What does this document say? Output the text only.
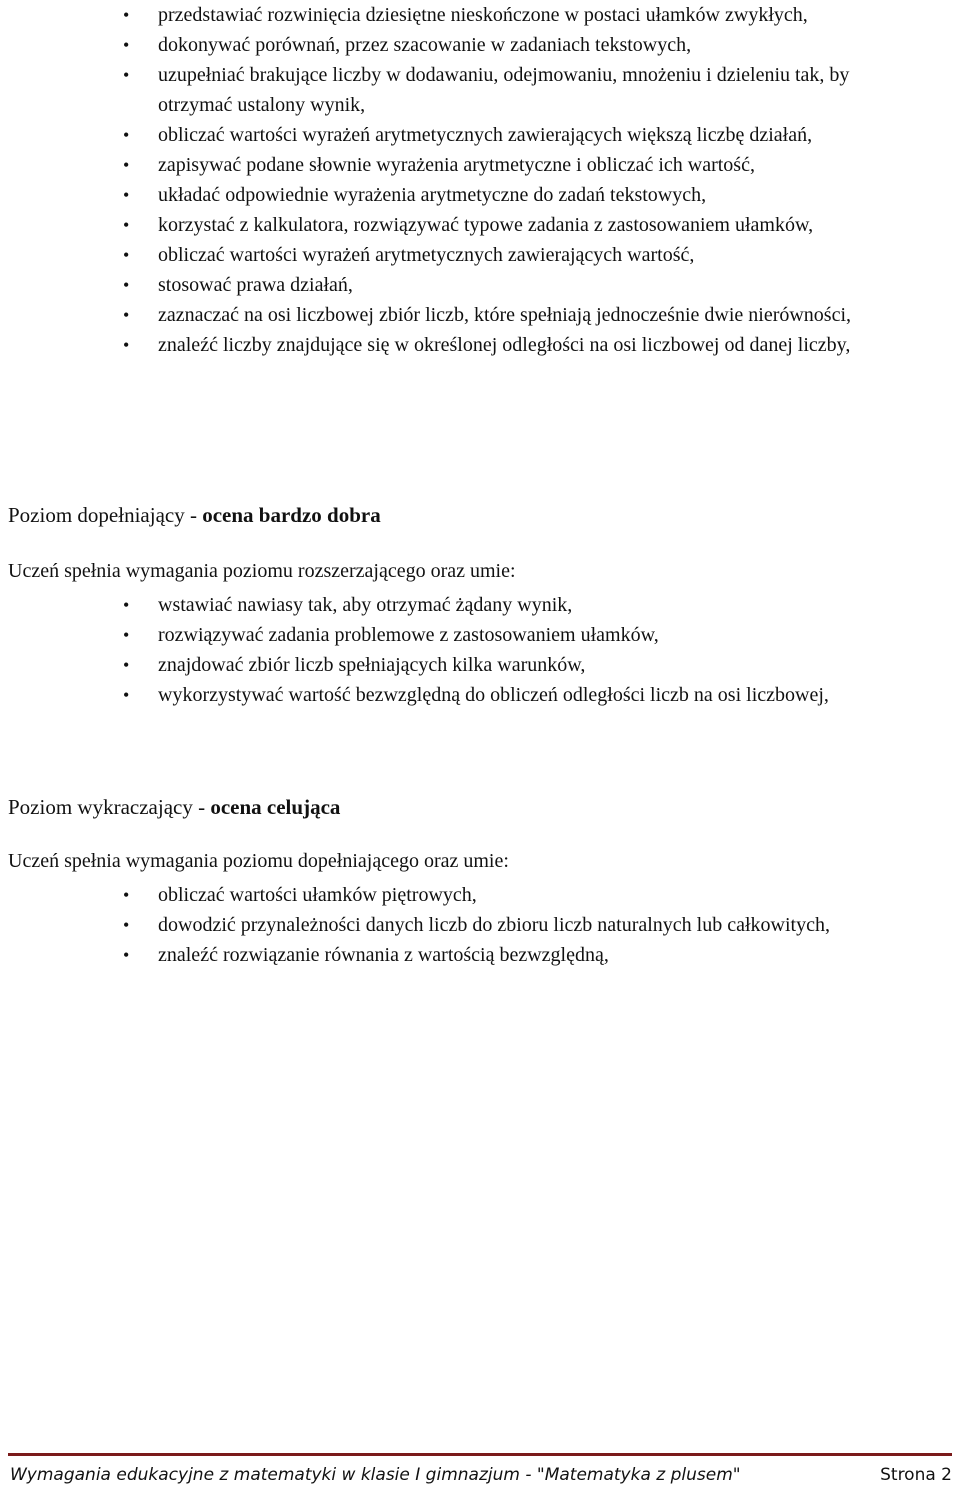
•	przedstawiać rozwinięcia dziesiętne nieskończone w postaci ułamków zwykłych,
•	dokonywać porównań, przez szacowanie w zadaniach tekstowych,
•	uzupełniać brakujące liczby w dodawaniu, odejmowaniu, mnożeniu i dzieleniu tak, by otrzymać ustalony wynik,
•	obliczać wartości wyrażeń arytmetycznych zawierających większą liczbę działań,
•	zapisywać podane słownie wyrażenia arytmetyczne i obliczać ich wartość,
•	układać odpowiednie wyrażenia arytmetyczne do zadań tekstowych,
•	korzystać z kalkulatora, rozwiązywać typowe zadania z zastosowaniem ułamków,
•	obliczać wartości wyrażeń arytmetycznych zawierających wartość,
•	stosować prawa działań,
•	zaznaczać na osi liczbowej zbiór liczb, które spełniają jednocześnie dwie nierówności,
•	znaleźć liczby znajdujące się w określonej odległości na osi liczbowej od danej liczby,
Poziom dopełniający - ocena bardzo dobra
Uczeń spełnia wymagania poziomu rozszerzającego oraz umie:
•	wstawiać nawiasy tak, aby otrzymać żądany wynik,
•	rozwiązywać zadania problemowe z zastosowaniem ułamków,
•	znajdować zbiór liczb spełniających kilka warunków,
•	wykorzystywać wartość bezwzględną do obliczeń odległości liczb na osi liczbowej,
Poziom wykraczający - ocena celująca
Uczeń spełnia wymagania poziomu dopełniającego oraz umie:
•	obliczać wartości ułamków piętrowych,
•	dowodzić przynależności danych liczb do zbioru liczb naturalnych lub całkowitych,
•	znaleźć rozwiązanie równania z wartością bezwzględną,
Wymagania edukacyjne z matematyki w klasie I gimnazjum - "Matematyka z plusem"	Strona 2
